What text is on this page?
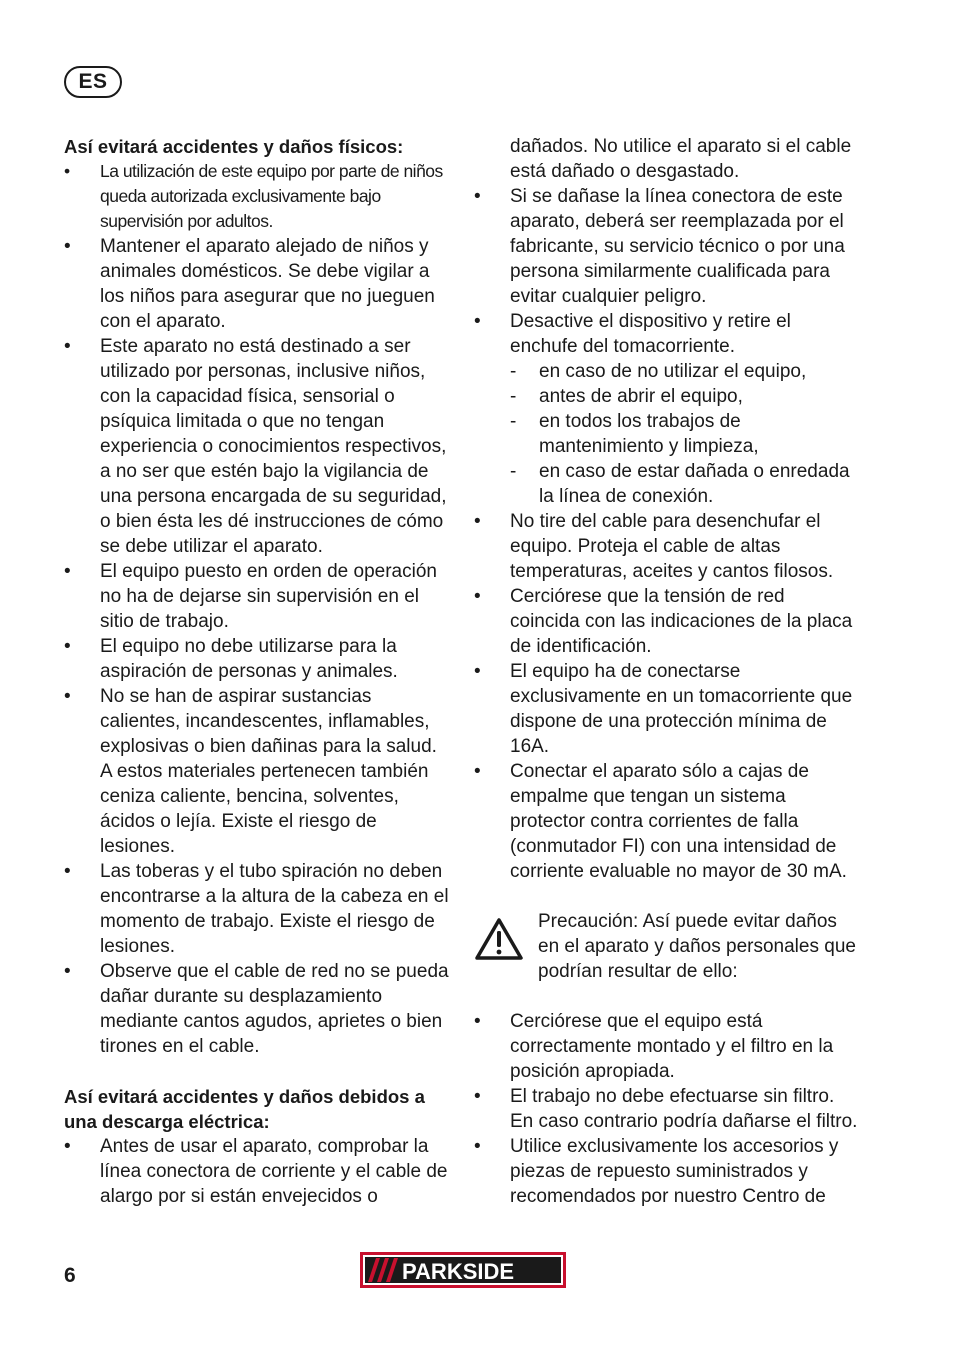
ES

Así evitará accidentes y daños físicos:

• La utilización de este equipo por parte de niños queda autorizada exclusivamente bajo supervisión por adultos.
• Mantener el aparato alejado de niños y animales domésticos. Se debe vigilar a los niños para asegurar que no jueguen con el aparato.
• Este aparato no está destinado a ser utilizado por personas, inclusive niños, con la capacidad física, sensorial o psíquica limitada o que no tengan experiencia o conocimientos respectivos, a no ser que estén bajo la vigilancia de una persona encargada de su seguridad, o bien ésta les dé instrucciones de cómo se debe utilizar el aparato.
• El equipo puesto en orden de operación no ha de dejarse sin supervisión en el sitio de trabajo.
• El equipo no debe utilizarse para la aspiración de personas y animales.
• No se han de aspirar sustancias calientes, incandescentes, inflamables, explosivas o bien dañinas para la salud. A estos materiales pertenecen también ceniza caliente, bencina, solventes, ácidos o lejía. Existe el riesgo de lesiones.
• Las toberas y el tubo spiración no deben encontrarse a la altura de la cabeza en el momento de trabajo. Existe el riesgo de lesiones.
• Observe que el cable de red no se pueda dañar durante su desplazamiento mediante cantos agudos, aprietes o bien tirones en el cable.

Así evitará accidentes y daños debidos a una descarga eléctrica:

• Antes de usar el aparato, comprobar la línea conectora de corriente y el cable de alargo por si están envejecidos o

dañados. No utilice el aparato si el cable está dañado o desgastado.

• Si se dañase la línea conectora de este aparato, deberá ser reemplazada por el fabricante, su servicio técnico o por una persona similarmente cualificada para evitar cualquier peligro.
• Desactive el dispositivo y retire el enchufe del tomacorriente.
- en caso de no utilizar el equipo,
- antes de abrir el equipo,
- en todos los trabajos de mantenimiento y limpieza,
- en caso de estar dañada o enredada la línea de conexión.
• No tire del cable para desenchufar el equipo. Proteja el cable de altas temperaturas, aceites y cantos filosos.
• Cerciórese que la tensión de red coincida con las indicaciones de la placa de identificación.
• El equipo ha de conectarse exclusivamente en un tomacorriente que dispone de una protección mínima de 16A.
• Conectar el aparato sólo a cajas de empalme que tengan un sistema protector contra corrientes de falla (conmutador FI) con una intensidad de corriente evaluable no mayor de 30 mA.

Precaución: Así puede evitar daños en el aparato y daños personales que podrían resultar de ello:

• Cerciórese que el equipo está correctamente montado y el filtro en la posición apropiada.
• El trabajo no debe efectuarse sin filtro. En caso contrario podría dañarse el filtro.
• Utilice exclusivamente los accesorios y piezas de repuesto suministrados y recomendados por nuestro Centro de
6	PARKSIDE
